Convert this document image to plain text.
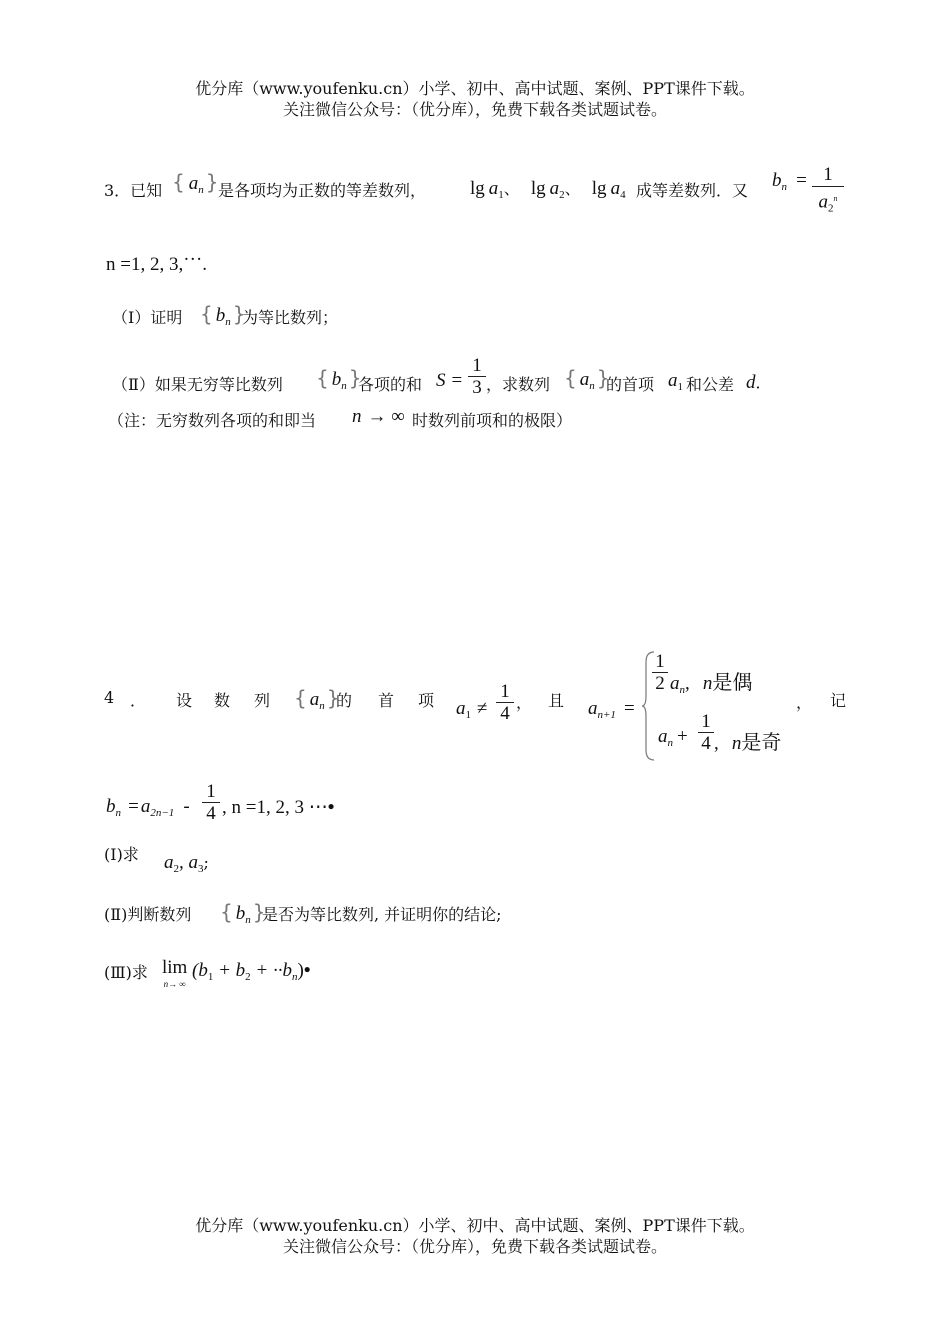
优分库（www.youfenku.cn）小学、初中、高中试题、案例、PPT课件下载。
关注微信公众号：（优分库），免费下载各类试题试卷。
3．已知 { $a_n$ } 是各项均为正数的等差数列， $\lg a_1$、 $\lg a_2$、 $\lg a_4$ 成等差数列．又 $b_n = 1$
$a_2^n$
n =1, 2, 3,….
（Ⅰ）证明 { $b_n$ }
为等比数列；
（Ⅱ）如果无穷等比数列 { $b_n$ }
各项的和 S =
1
3 ，求数列 { $a_n$ }
的首项 $a_1$ 和公差 d．
（注：无穷数列各项的和即当 n → ∞ 时数列前项和的极限）
4 ． 设 数 列 { $a_n$ }
的 首 项 $a_1$ ≠
1
4
， 且 $a_{n+1}$ =
1
2 $a_n$, n是偶
$a_n$ +
1
4 , n是奇
， 记
$b_n = a_{2n-1}$ -
1
4 , n =1, 2, 3 ⋯•
(Ⅰ)求 $a_2$, $a_3$;
(Ⅱ)判断数列 { $b_n$ }
是否为等比数列, 并证明你的结论;
(Ⅲ)求 lim
n→ ∞
($b_1 + b_2$ + $\cdot\cdot b_n)•$
优分库（www.youfenku.cn）小学、初中、高中试题、案例、PPT课件下载。
关注微信公众号：（优分库），免费下载各类试题试卷。
